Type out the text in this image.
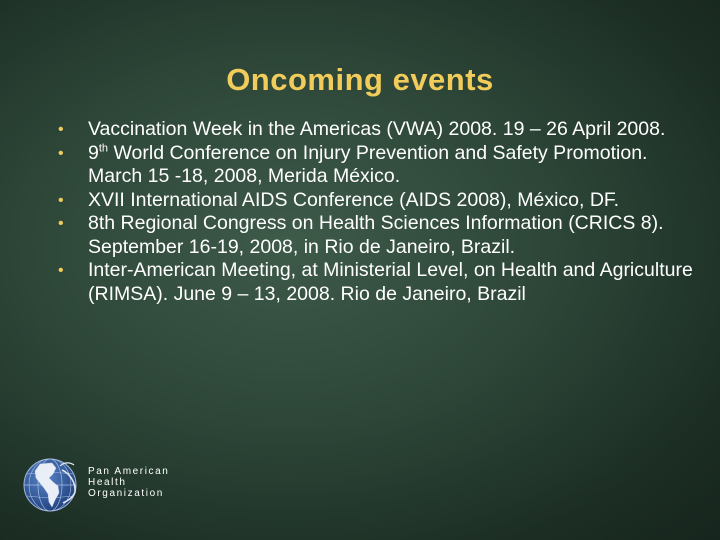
Oncoming events
• Vaccination Week in the Americas (VWA) 2008. 19 – 26 April 2008.
• 9th World Conference on Injury Prevention and Safety Promotion. March 15 -18, 2008, Merida México.
• XVII International AIDS Conference (AIDS 2008), México, DF.
• 8th Regional Congress on Health Sciences Information (CRICS 8). September 16-19, 2008, in Rio de Janeiro, Brazil.
• Inter-American Meeting, at Ministerial Level, on Health and Agriculture (RIMSA). June 9 – 13, 2008. Rio de Janeiro, Brazil
Pan American
Health
Organization
